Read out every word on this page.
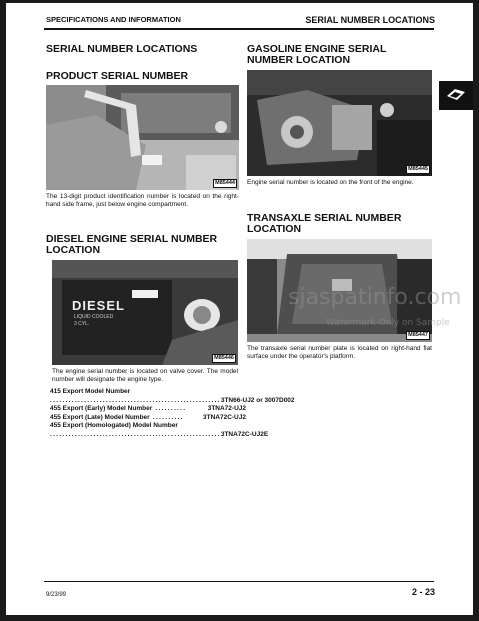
SPECIFICATIONS AND INFORMATION	SERIAL NUMBER LOCATIONS
SERIAL NUMBER LOCATIONS
PRODUCT SERIAL NUMBER
M85444
The 13-digit product identification number is located on the right-hand side frame, just below engine compartment.
DIESEL ENGINE SERIAL NUMBER
LOCATION
DIESEL
LIQUID COOLED
3 CYL.
M85446
The engine serial number is located on valve cover. The model number will designate the engine type.
415 Export Model Number
....................................................... 3TN66-UJ2 or 3007D002
455 Export (Early) Model Number ..........	3TNA72-UJ2
455 Export (Late) Model Number ..........	3TNA72C-UJ2
455 Export (Homologated) Model Number
....................................................... 3TNA72C-UJ2E
GASOLINE ENGINE SERIAL
NUMBER LOCATION
M85445
Engine serial number is located on the front of the engine.
TRANSAXLE SERIAL NUMBER
LOCATION
M85447
sjaspatinfo.com
Watermark Only on Sample
The transaxle serial number plate is located on right-hand flat surface under the operator's platform.
9/23/99	2 - 23
